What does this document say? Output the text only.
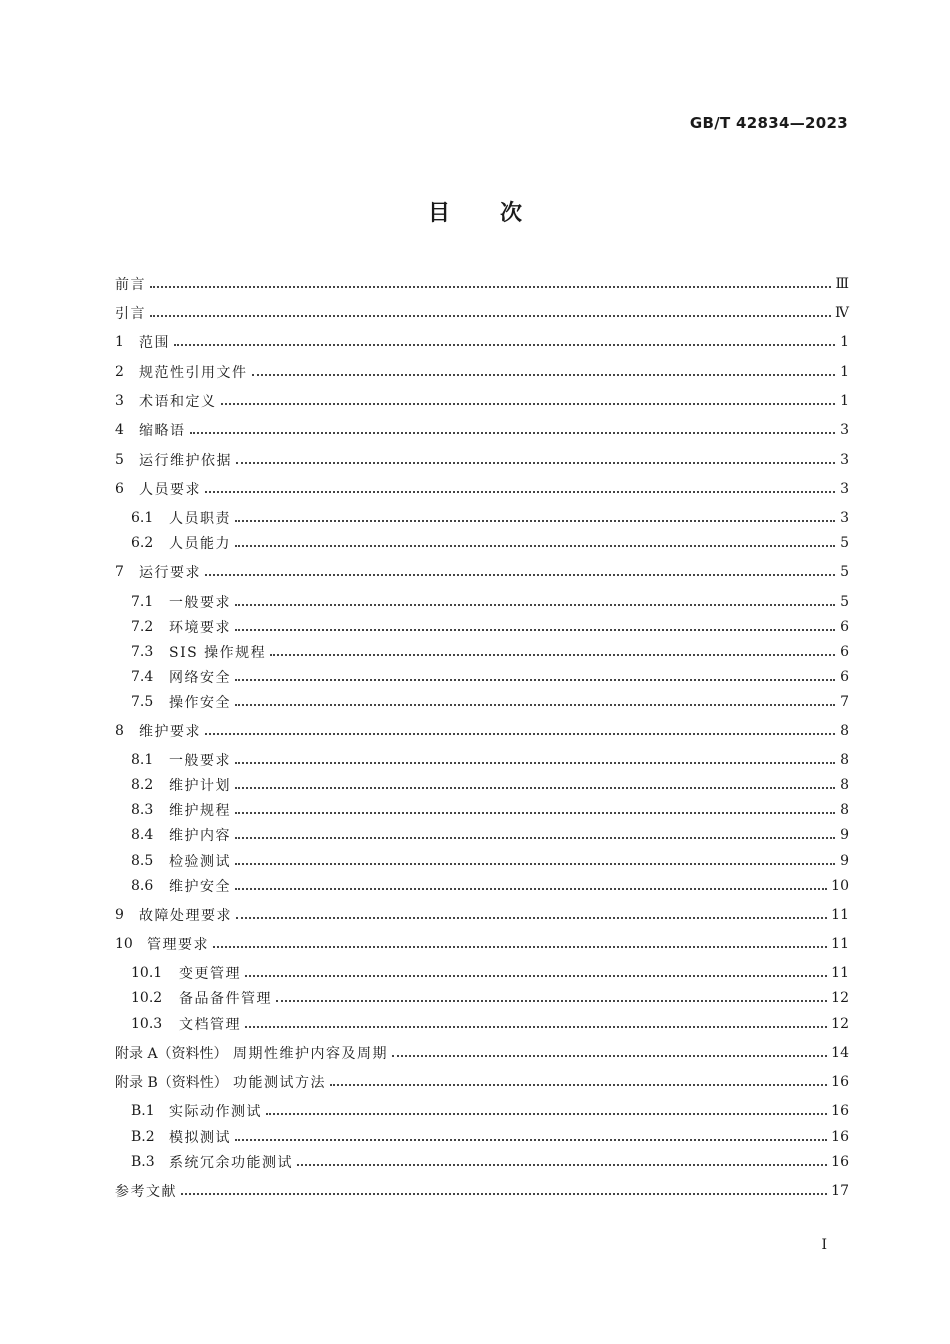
GB/T 42834—2023
目 次
前言	Ⅲ
引言	Ⅳ
1	范围	1
2	规范性引用文件	1
3	术语和定义	1
4	缩略语	3
5	运行维护依据	3
6	人员要求	3
6.1	人员职责	3
6.2	人员能力	5
7	运行要求	5
7.1	一般要求	5
7.2	环境要求	6
7.3	SIS 操作规程	6
7.4	网络安全	6
7.5	操作安全	7
8	维护要求	8
8.1	一般要求	8
8.2	维护计划	8
8.3	维护规程	8
8.4	维护内容	9
8.5	检验测试	9
8.6	维护安全	10
9	故障处理要求	11
10	管理要求	11
10.1	变更管理	11
10.2	备品备件管理	12
10.3	文档管理	12
附录 A（资料性） 周期性维护内容及周期	14
附录 B（资料性） 功能测试方法	16
B.1	实际动作测试	16
B.2	模拟测试	16
B.3	系统冗余功能测试	16
参考文献	17
I
